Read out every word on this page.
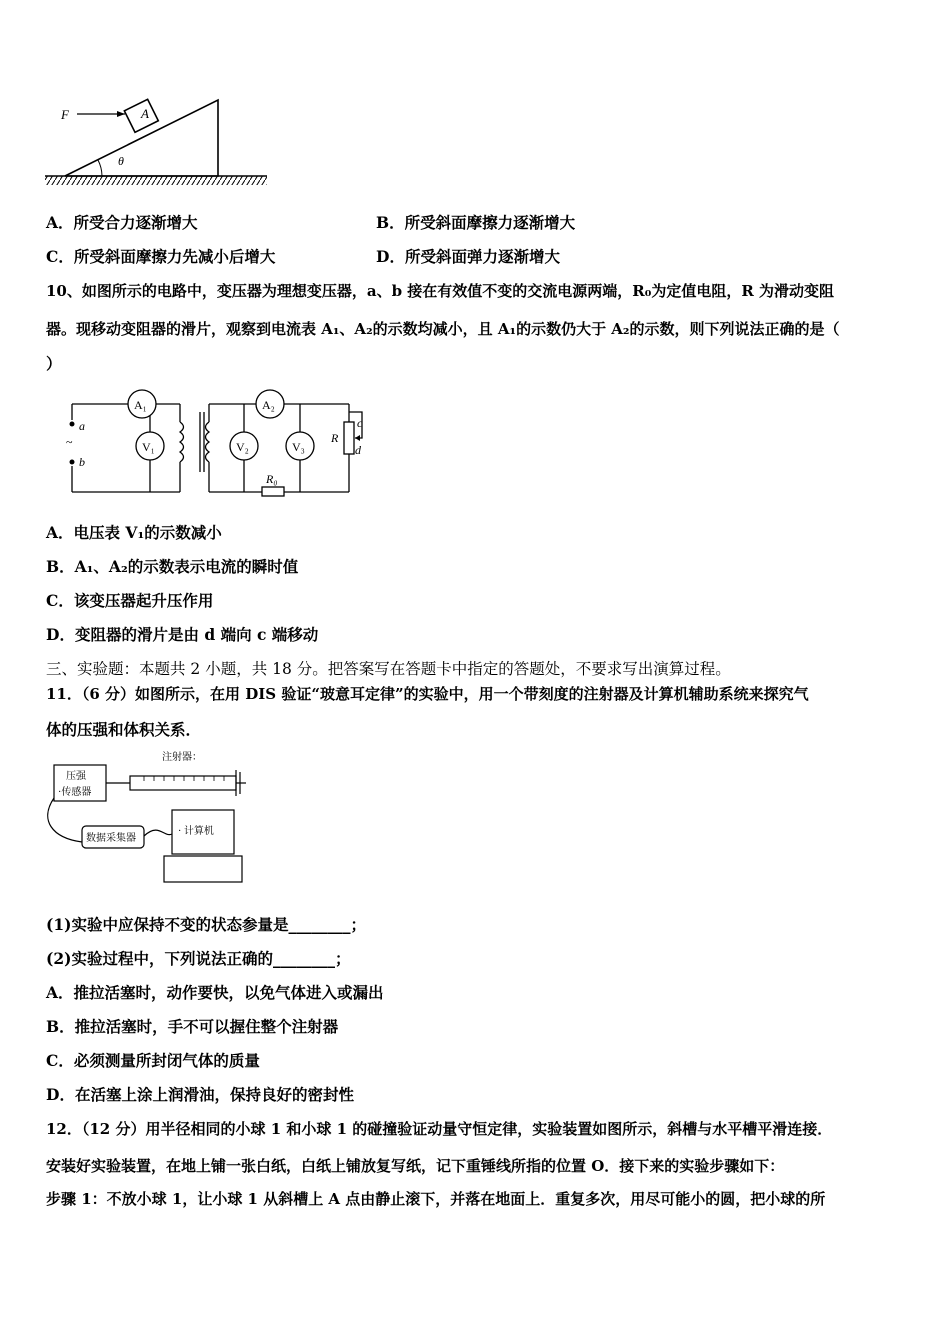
A
F
θ
A．所受合力逐渐增大	B．所受斜面摩擦力逐渐增大
C．所受斜面摩擦力先减小后增大	D．所受斜面弹力逐渐增大
10、如图所示的电路中，变压器为理想变压器，a、b 接在有效值不变的交流电源两端，R₀为定值电阻，R 为滑动变阻
器。现移动变阻器的滑片，观察到电流表 A₁、A₂的示数均减小，且 A₁的示数仍大于 A₂的示数，则下列说法正确的是（
）
A₁
V₁
A₂
V₂	V₃
a
~
b
R
R₀
c
d
A．电压表 V₁的示数减小
B．A₁、A₂的示数表示电流的瞬时值
C．该变压器起升压作用
D．变阻器的滑片是由 d 端向 c 端移动
三、实验题：本题共 2 小题，共 18 分。把答案写在答题卡中指定的答题处，不要求写出演算过程。
11．（6 分）如图所示，在用 DIS 验证“玻意耳定律”的实验中，用一个带刻度的注射器及计算机辅助系统来探究气
体的压强和体积关系．
注射器：
压强
·传感器
数据采集器
· 计算机
(1)实验中应保持不变的状态参量是________；
(2)实验过程中，下列说法正确的________；
A．推拉活塞时，动作要快，以免气体进入或漏出
B．推拉活塞时，手不可以握住整个注射器
C．必须测量所封闭气体的质量
D．在活塞上涂上润滑油，保持良好的密封性
12．（12 分）用半径相同的小球 1 和小球 1 的碰撞验证动量守恒定律，实验装置如图所示，斜槽与水平槽平滑连接．
安装好实验装置，在地上铺一张白纸，白纸上铺放复写纸，记下重锤线所指的位置 O．接下来的实验步骤如下：
步骤 1：不放小球 1，让小球 1 从斜槽上 A 点由静止滚下，并落在地面上．重复多次，用尽可能小的圆，把小球的所
